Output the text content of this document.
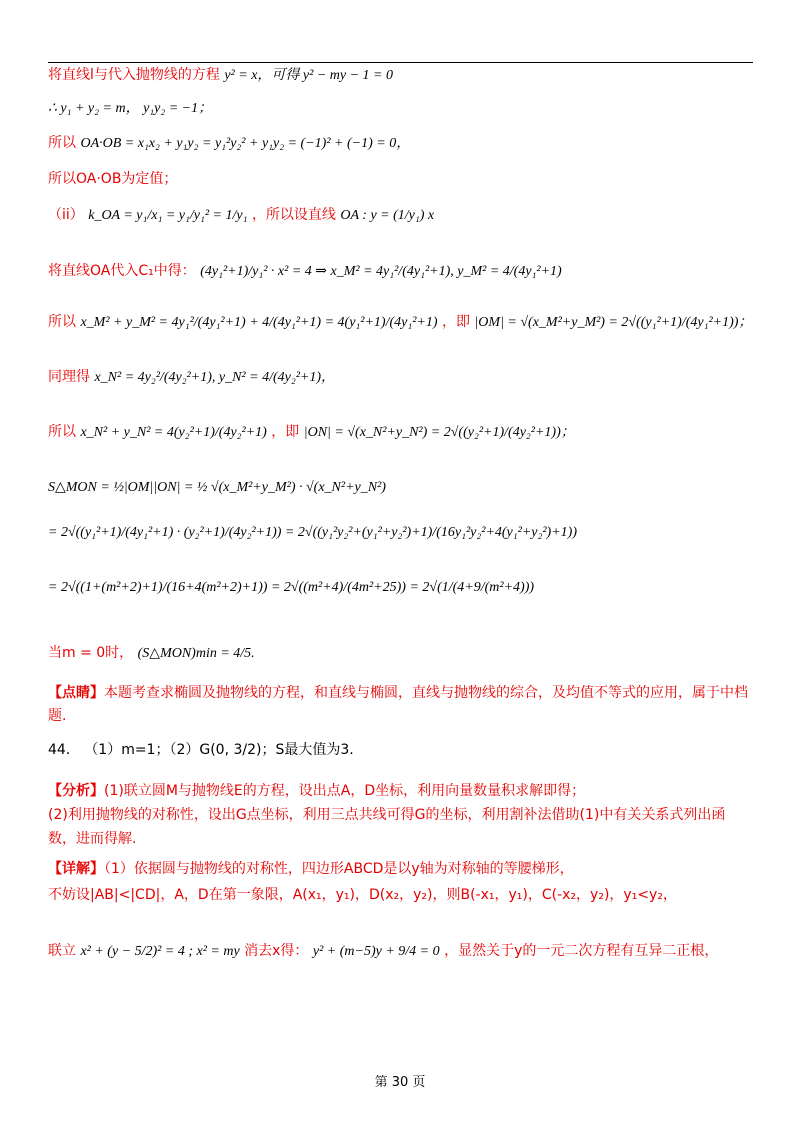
将直线l与代入抛物线的方程 y² = x，可得 y² − my − 1 = 0
∴ y₁ + y₂ = m， y₁y₂ = −1；
所以 OA·OB = x₁x₂ + y₁y₂ = y₁²y₂² + y₁y₂ = (−1)² + (−1) = 0，
所以OA·OB为定值；
（ii） k_OA = y₁/x₁ = y₁/y₁² = 1/y₁ ，所以设直线 OA : y = (1/y₁) x
将直线OA代入C₁中得： (4y₁²+1)/y₁² · x² = 4 ⇒ x_M² = 4y₁²/(4y₁²+1), y_M² = 4/(4y₁²+1)
所以 x_M² + y_M² = 4y₁²/(4y₁²+1) + 4/(4y₁²+1) = 4(y₁²+1)/(4y₁²+1) ，即 |OM| = √(x_M²+y_M²) = 2√((y₁²+1)/(4y₁²+1))；
同理得 x_N² = 4y₂²/(4y₂²+1), y_N² = 4/(4y₂²+1)，
所以 x_N² + y_N² = 4(y₂²+1)/(4y₂²+1) ，即 |ON| = √(x_N²+y_N²) = 2√((y₂²+1)/(4y₂²+1))；
S△MON = ½|OM||ON| = ½ √(x_M²+y_M²) · √(x_N²+y_N²)
= 2√((y₁²+1)/(4y₁²+1) · (y₂²+1)/(4y₂²+1)) = 2√((y₁²y₂²+(y₁²+y₂²)+1)/(16y₁²y₂²+4(y₁²+y₂²)+1))
= 2√((1+(m²+2)+1)/(16+4(m²+2)+1)) = 2√((m²+4)/(4m²+25)) = 2√(1/(4+9/(m²+4)))
当m = 0时， (S△MON)min = 4/5.
【点睛】本题考查求椭圆及抛物线的方程，和直线与椭圆，直线与抛物线的综合，及均值不等式的应用，属于中档题.
44． （1）m=1；（2）G(0, 3/2)；S最大值为3.
【分析】(1)联立圆M与抛物线E的方程，设出点A，D坐标，利用向量数量积求解即得；
(2)利用抛物线的对称性，设出G点坐标，利用三点共线可得G的坐标，利用割补法借助(1)中有关关系式列出函数，进而得解.
【详解】（1）依据圆与抛物线的对称性，四边形ABCD是以y轴为对称轴的等腰梯形，
不妨设|AB|<|CD|，A，D在第一象限，A(x₁，y₁)，D(x₂，y₂)，则B(-x₁，y₁)，C(-x₂，y₂)，y₁<y₂，
联立 x² + (y − 5/2)² = 4 ; x² = my 消去x得： y² + (m−5)y + 9/4 = 0 ，显然关于y的一元二次方程有互异二正根，
第 30 页
